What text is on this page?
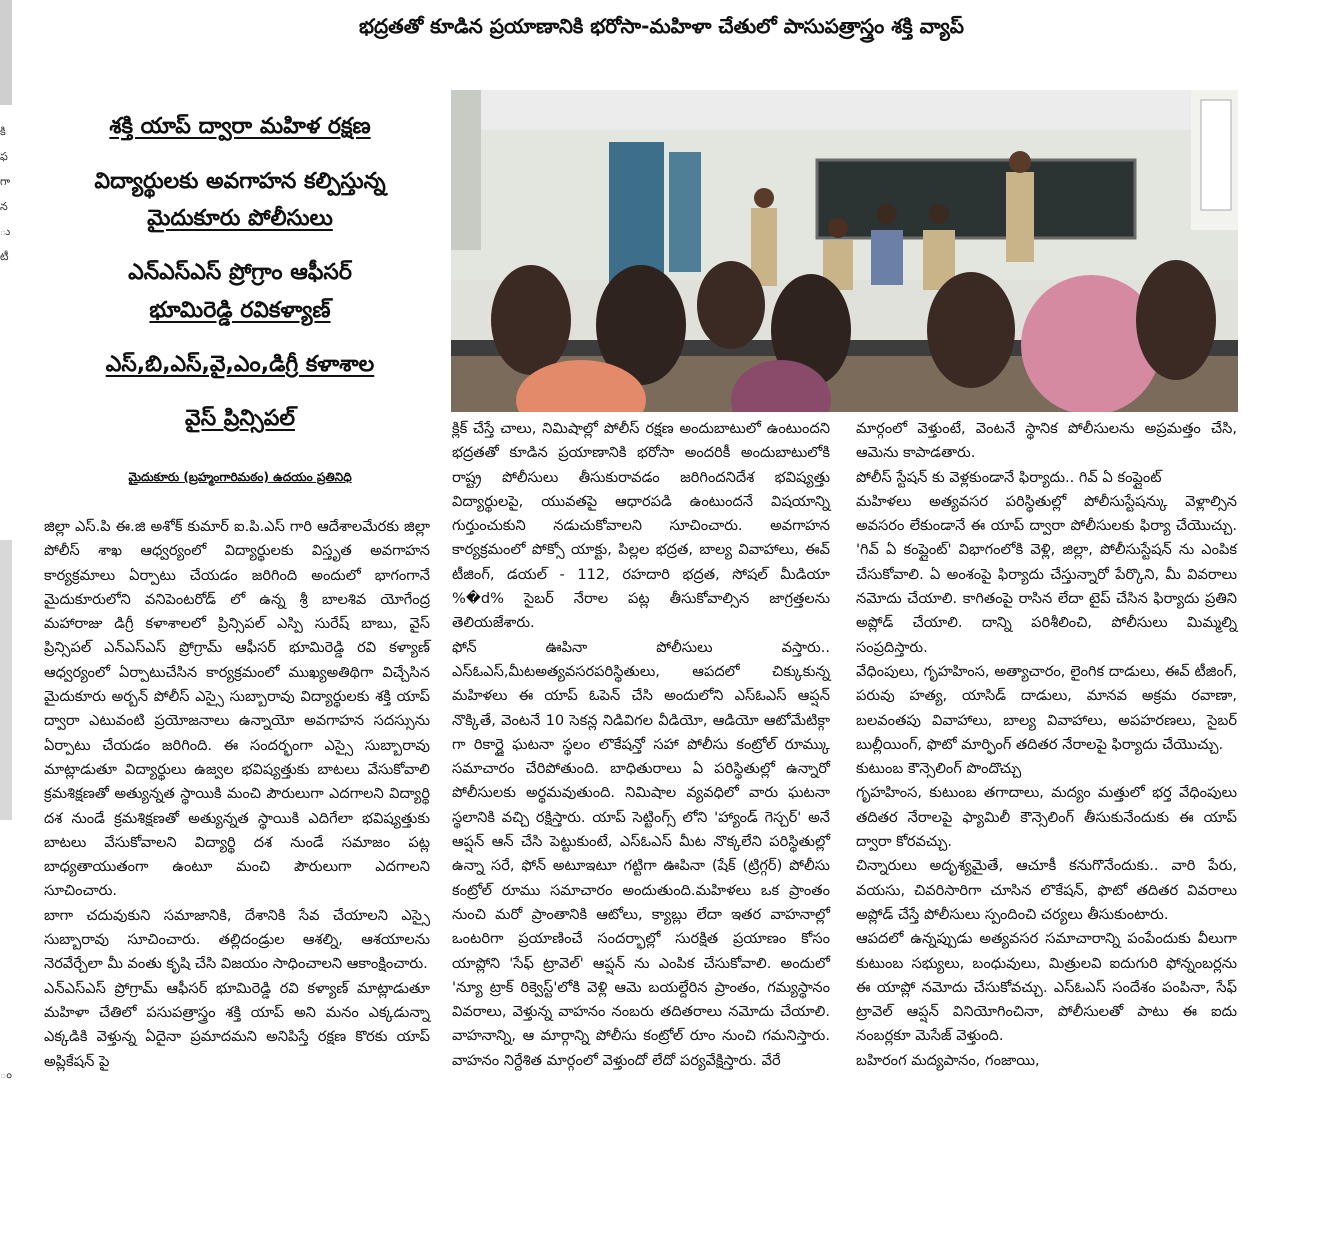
భద్రతతో కూడిన ప్రయాణానికి భరోసా-మహిళా చేతులో పాసుపత్రాస్త్రం శక్తి వ్యాప్
కి
ఫ
గా
న
ు
టీ
ం
శక్తి యాప్ ద్వారా మహిళ రక్షణ
విద్యార్థులకు అవగాహన కల్పిస్తున్న
మైదుకూరు పోలీసులు
ఎన్ఎస్ఎస్ ప్రోగ్రాం ఆఫీసర్
భూమిరెడ్డి రవికళ్యాణ్
ఎస్,బి,ఎస్,వై,ఎం,డిగ్రీ కళాశాల
వైస్ ప్రిన్సిపల్
మైదుకూరు (బ్రహ్మంగారిమఠం) ఉదయం ప్రతినిధి

జిల్లా ఎస్.పి ఈ.జి అశోక్ కుమార్ ఐ.పి.ఎస్ గారి ఆదేశాలమేరకు జిల్లా పోలీస్ శాఖ ఆధ్వర్యంలో విద్యార్థులకు విస్తృత అవగాహన కార్యక్రమాలు ఏర్పాటు చేయడం జరిగింది అందులో భాగంగానే మైదుకూరులోని వనిపెంటరోడ్ లో ఉన్న శ్రీ బాలశివ యోగేంద్ర మహారాజు డిగ్రీ కళాశాలలో ప్రిన్సిపల్ ఎస్పి సురేష్ బాబు, వైస్ ప్రిన్సిపల్ ఎన్ఎస్ఎస్ ప్రోగ్రామ్ ఆఫీసర్ భూమిరెడ్డి రవి కళ్యాణ్ ఆధ్వర్యంలో ఏర్పాటుచేసిన కార్యక్రమంలో ముఖ్యఅతిథిగా విచ్చేసిన మైదుకూరు అర్బన్ పోలీస్ ఎస్సై సుబ్బారావు విద్యార్థులకు శక్తి యాప్ ద్వారా ఎటువంటి ప్రయోజనాలు ఉన్నాయో అవగాహన సదస్సును ఏర్పాటు చేయడం జరిగింది. ఈ సందర్భంగా ఎస్సై సుబ్బారావు మాట్లాడుతూ విద్యార్థులు ఉజ్వల భవిష్యత్తుకు బాటలు వేసుకోవాలి క్రమశిక్షణతో అత్యున్నత స్థాయికి మంచి పౌరులుగా ఎదగాలని విద్యార్థి దశ నుండే క్రమశిక్షణతో అత్యున్నత స్థాయికి ఎదిగేలా భవిష్యత్తుకు బాటలు వేసుకోవాలని విద్యార్థి దశ నుండే సమాజం పట్ల బాధ్యతాయుతంగా ఉంటూ మంచి పౌరులుగా ఎదగాలని సూచించారు.

బాగా చదువుకుని సమాజానికి, దేశానికి సేవ చేయాలని ఎస్సై సుబ్బారావు సూచించారు. తల్లిదండ్రుల ఆశల్ని, ఆశయాలను నెరవేర్చేలా మీ వంతు కృషి చేసి విజయం సాధించాలని ఆకాంక్షించారు.

ఎన్ఎస్ఎస్ ప్రోగ్రామ్ ఆఫీసర్ భూమిరెడ్డి రవి కళ్యాణ్ మాట్లాడుతూ మహిళా చేతిలో పసుపత్రాస్త్రం శక్తి యాప్ అని మనం ఎక్కడున్నా ఎక్కడికి వెళ్తున్న ఏదైనా ప్రమాదమని అనిపిస్తే రక్షణ కొరకు యాప్ అప్లికేషన్ పై

క్లిక్ చేస్తే చాలు, నిమిషాల్లో పోలీస్ రక్షణ అందుబాటులో ఉంటుందని భద్రతతో కూడిన ప్రయాణానికి భరోసా అందరికీ అందుబాటులోకి రాష్ట్ర పోలీసులు తీసుకురావడం జరిగిందనిదేశ భవిష్యత్తు విద్యార్థులపై, యువతపై ఆధారపడి ఉంటుందనే విషయాన్ని గుర్తుంచుకుని నడుచుకోవాలని సూచించారు. అవగాహన కార్యక్రమంలో పోక్సో యాక్టు, పిల్లల భద్రత, బాల్య వివాహాలు, ఈవ్ టీజింగ్, డయల్ - 112, రహదారి భద్రత, సోషల్ మీడియా %�d% సైబర్ నేరాల పట్ల తీసుకోవాల్సిన జాగ్రత్తలను తెలియజేశారు.

ఫోన్ ఊపినా పోలీసులు వస్తారు.. ఎస్ఓఎస్,మీటఅత్యవసరపరిస్థితులు, ఆపదలో చిక్కుకున్న మహిళలు ఈ యాప్ ఓపెన్ చేసి అందులోని ఎస్ఓఎస్ ఆప్షన్ నొక్కితే, వెంటనే 10 సెకన్ల నిడివిగల వీడియో, ఆడియో ఆటోమేటిక్గా గా రికార్డై ఘటనా స్థలం లొకేషన్తో సహా పోలీసు కంట్రోల్ రూమ్కు సమాచారం చేరిపోతుంది. బాధితురాలు ఏ పరిస్థితుల్లో ఉన్నారో పోలీసులకు అర్థమవుతుంది. నిమిషాల వ్యవధిలో వారు ఘటనా స్థలానికి వచ్చి రక్షిస్తారు. యాప్ సెట్టింగ్స్ లోని 'హ్యాండ్ గెస్చర్' అనే ఆప్షన్ ఆన్ చేసి పెట్టుకుంటే, ఎస్ఓఎస్ మీట నొక్కలేని పరిస్థితుల్లో ఉన్నా సరే, ఫోన్ అటూఇటూ గట్టిగా ఊపినా (షేక్ (ట్రిగ్గర్) పోలీసు కంట్రోల్ రూము సమాచారం అందుతుంది.మహిళలు ఒక ప్రాంతం నుంచి మరో ప్రాంతానికి ఆటోలు, క్యాబ్లు లేదా ఇతర వాహనాల్లో ఒంటరిగా ప్రయాణించే సందర్భాల్లో సురక్షిత ప్రయాణం కోసం యాప్లోని 'సేఫ్ ట్రావెల్' ఆప్షన్ ను ఎంపిక చేసుకోవాలి. అందులో 'న్యూ ట్రాక్ రిక్వెస్ట్'లోకి వెళ్లి ఆమె బయల్దేరిన ప్రాంతం, గమ్యస్థానం వివరాలు, వెళ్తున్న వాహనం నంబరు తదితరాలు నమోదు చేయాలి. వాహనాన్ని, ఆ మార్గాన్ని పోలీసు కంట్రోల్ రూం నుంచి గమనిస్తారు. వాహనం నిర్దేశిత మార్గంలో వెళ్తుందో లేదో పర్యవేక్షిస్తారు. వేరే

మార్గంలో వెళ్తుంటే, వెంటనే స్థానిక పోలీసులను అప్రమత్తం చేసి, ఆమెను కాపాడతారు.

పోలీస్ స్టేషన్ కు వెళ్లకుండానే ఫిర్యాదు.. గివ్ ఏ కంప్లైంట్

మహిళలు అత్యవసర పరిస్థితుల్లో పోలీసుస్టేషన్కు వెళ్లాల్సిన అవసరం లేకుండానే ఈ యాప్ ద్వారా పోలీసులకు ఫిర్యా చేయొచ్చు. 'గివ్ ఏ కంప్లైంట్' విభాగంలోకి వెళ్లి, జిల్లా, పోలీసుస్టేషన్ ను ఎంపిక చేసుకోవాలి. ఏ అంశంపై ఫిర్యాదు చేస్తున్నారో పేర్కొని, మీ వివరాలు నమోదు చేయాలి. కాగితంపై రాసిన లేదా టైప్ చేసిన ఫిర్యాదు ప్రతిని అప్లోడ్ చేయాలి. దాన్ని పరిశీలించి, పోలీసులు మిమ్మల్ని సంప్రదిస్తారు.

వేధింపులు, గృహహింస, అత్యాచారం, లైంగిక దాడులు, ఈవ్ టీజింగ్, పరువు హత్య, యాసిడ్ దాడులు, మానవ అక్రమ రవాణా, బలవంతపు వివాహాలు, బాల్య వివాహాలు, అపహరణలు, సైబర్ బుల్లీయింగ్, ఫొటో మార్ఫింగ్ తదితర నేరాలపై ఫిర్యాదు చేయొచ్చు.

కుటుంబ కౌన్సెలింగ్ పొందొచ్చు

గృహహింస, కుటుంబ తగాదాలు, మద్యం మత్తులో భర్త వేధింపులు తదితర నేరాలపై ఫ్యామిలీ కౌన్సెలింగ్ తీసుకునేందుకు ఈ యాప్ ద్వారా కోరవచ్చు.

చిన్నారులు అదృశ్యమైతే, ఆచూకీ కనుగొనేందుకు.. వారి పేరు, వయసు, చివరిసారిగా చూసిన లొకేషన్, ఫొటో తదితర వివరాలు అప్లోడ్ చేస్తే పోలీసులు స్పందించి చర్యలు తీసుకుంటారు.

ఆపదలో ఉన్నప్పుడు అత్యవసర సమాచారాన్ని పంపేందుకు వీలుగా కుటుంబ సభ్యులు, బంధువులు, మిత్రులవి ఐదుగురి ఫోన్నంబర్లను ఈ యాప్లో నమోదు చేసుకోవచ్చు. ఎస్ఓఎస్ సందేశం పంపినా, సేఫ్ ట్రావెల్ ఆప్షన్ వినియోగించినా, పోలీసులతో పాటు ఈ ఐదు నంబర్లకూ మెసేజ్ వెళ్తుంది.

బహిరంగ మద్యపానం, గంజాయి,
